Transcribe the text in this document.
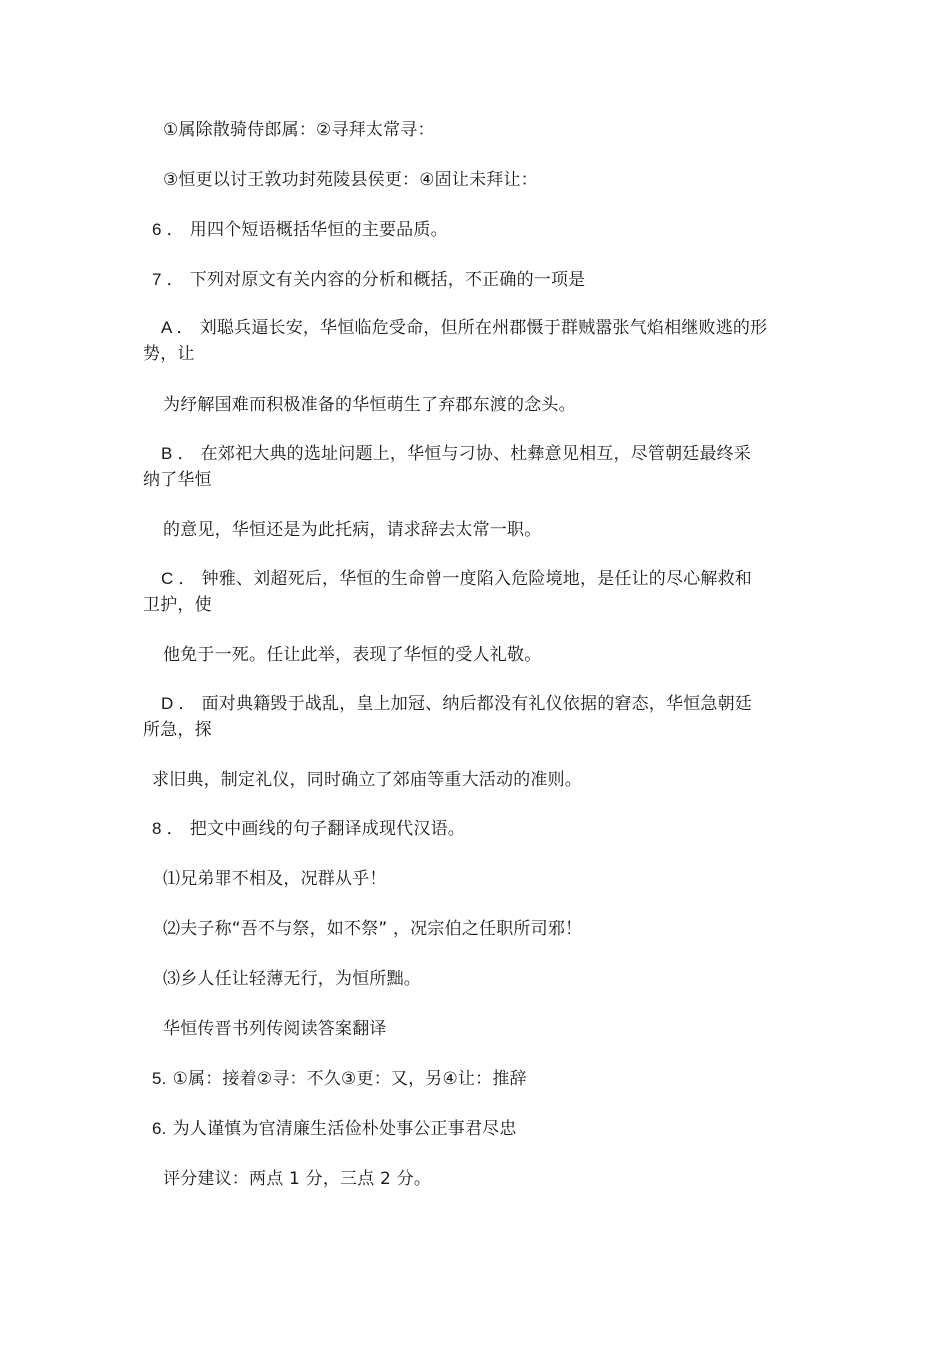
①属除散骑侍郎属：②寻拜太常寻：
③恒更以讨王敦功封苑陵县侯更：④固让未拜让：
6 ． 用四个短语概括华恒的主要品质。
7 ． 下列对原文有关内容的分析和概括，不正确的一项是
A ． 刘聪兵逼长安，华恒临危受命，但所在州郡慑于群贼嚣张气焰相继败逃的形势，让
为纾解国难而积极准备的华恒萌生了弃郡东渡的念头。
B ． 在郊祀大典的选址问题上，华恒与刁协、杜彝意见相互，尽管朝廷最终采纳了华恒
的意见，华恒还是为此托病，请求辞去太常一职。
C ． 钟雅、刘超死后，华恒的生命曾一度陷入危险境地，是任让的尽心解救和卫护，使
他免于一死。任让此举，表现了华恒的受人礼敬。
D ． 面对典籍毁于战乱，皇上加冠、纳后都没有礼仪依据的窘态，华恒急朝廷所急，探
求旧典，制定礼仪，同时确立了郊庙等重大活动的准则。
8 ． 把文中画线的句子翻译成现代汉语。
⑴兄弟罪不相及，况群从乎！
⑵夫子称“吾不与祭，如不祭” ，况宗伯之任职所司邪！
⑶乡人任让轻薄无行，为恒所黜。
华恒传晋书列传阅读答案翻译
5. ①属：接着②寻：不久③更：又，另④让：推辞
6. 为人谨慎为官清廉生活俭朴处事公正事君尽忠
评分建议：两点 1 分，三点 2 分。
